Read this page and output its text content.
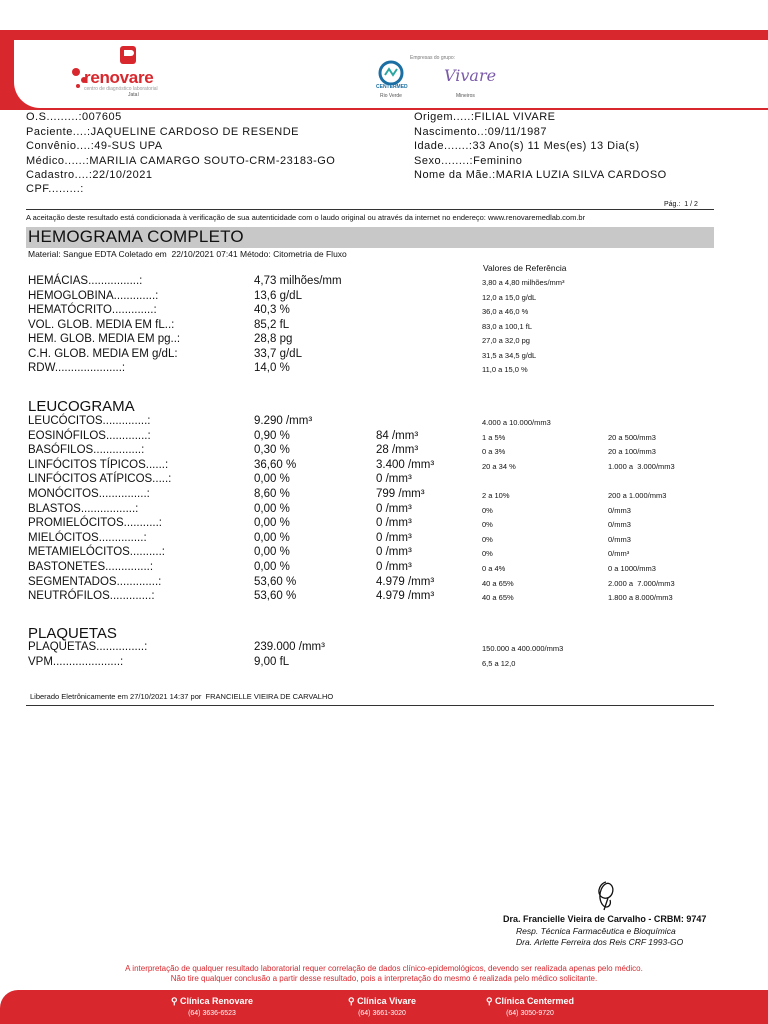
renovare
centro de diagnóstico laboratorial
Jataí
Empresas do grupo:
CENTERMED
Rio Verde
Vivare
Mineiros
O.S.........:007605
Paciente....:JAQUELINE CARDOSO DE RESENDE
Convênio....:49-SUS UPA
Médico......:MARILIA CAMARGO SOUTO-CRM-23183-GO
Cadastro....:22/10/2021
CPF.........:
Origem.....:FILIAL VIVARE
Nascimento..:09/11/1987
Idade.......:33 Ano(s) 11 Mes(es) 13 Dia(s)
Sexo........:Feminino
Nome da Mãe.:MARIA LUZIA SILVA CARDOSO
Pág.:  1 / 2
A aceitação deste resultado está condicionada à verificação de sua autenticidade com o laudo original ou através da internet no endereço: www.renovaremedlab.com.br
HEMOGRAMA COMPLETO
Material: Sangue EDTA Coletado em  22/10/2021 07:41 Método: Citometria de Fluxo
Valores de Referência
HEMÁCIAS................:	4,73 milhões/mm	3,80 a 4,80 milhões/mm³
HEMOGLOBINA.............:	13,6 g/dL	12,0 a 15,0 g/dL
HEMATÓCRITO.............:	40,3 %	36,0 a 46,0 %
VOL. GLOB. MEDIA EM fL..:	85,2 fL	83,0 a 100,1 fL
HEM. GLOB. MEDIA EM pg..:	28,8 pg	27,0 a 32,0 pg
C.H. GLOB. MEDIA EM g/dL:	33,7 g/dL	31,5 a 34,5 g/dL
RDW.....................:	14,0 %	11,0 a 15,0 %
LEUCOGRAMA
LEUCÓCITOS..............:	9.290 /mm³	4.000 a 10.000/mm3
EOSINÓFILOS.............:	0,90 %	84 /mm³	1 a 5%	20 a 500/mm3
BASÓFILOS...............:	0,30 %	28 /mm³	0 a 3%	20 a 100/mm3
LINFÓCITOS TÍPICOS......:	36,60 %	3.400 /mm³	20 a 34 %	1.000 a  3.000/mm3
LINFÓCITOS ATÍPICOS.....:	0,00 %	0 /mm³
MONÓCITOS...............:	8,60 %	799 /mm³	2 a 10%	200 a 1.000/mm3
BLASTOS.................:	0,00 %	0 /mm³	0%	0/mm3
PROMIELÓCITOS...........:	0,00 %	0 /mm³	0%	0/mm3
MIELÓCITOS..............:	0,00 %	0 /mm³	0%	0/mm3
METAMIELÓCITOS..........:	0,00 %	0 /mm³	0%	0/mm³
BASTONETES..............:	0,00 %	0 /mm³	0 a 4%	0 a 1000/mm3
SEGMENTADOS.............:	53,60 %	4.979 /mm³	40 a 65%	2.000 a  7.000/mm3
NEUTRÓFILOS.............:	53,60 %	4.979 /mm³	40 a 65%	1.800 a 8.000/mm3
PLAQUETAS
PLAQUETAS...............:	239.000 /mm³	150.000 a 400.000/mm3
VPM.....................:	9,00 fL	6,5 a 12,0
Liberado Eletrônicamente em 27/10/2021 14:37 por  FRANCIELLE VIEIRA DE CARVALHO
Dra. Francielle Vieira de Carvalho - CRBM: 9747
Resp. Técnica Farmacêutica e Bioquímica
Dra. Arlette Ferreira dos Reis CRF 1993-GO
A interpretação de qualquer resultado laboratorial requer correlação de dados clínico-epidemológicos, devendo ser realizada apenas pelo médico.
Não tire qualquer conclusão a partir desse resultado, pois a interpretação do mesmo é realizada pelo médico solicitante.
⚲ Clínica Renovare
(64) 3636-6523
⚲ Clínica Vivare
(64) 3661-3020
⚲ Clínica Centermed
(64) 3050-9720
